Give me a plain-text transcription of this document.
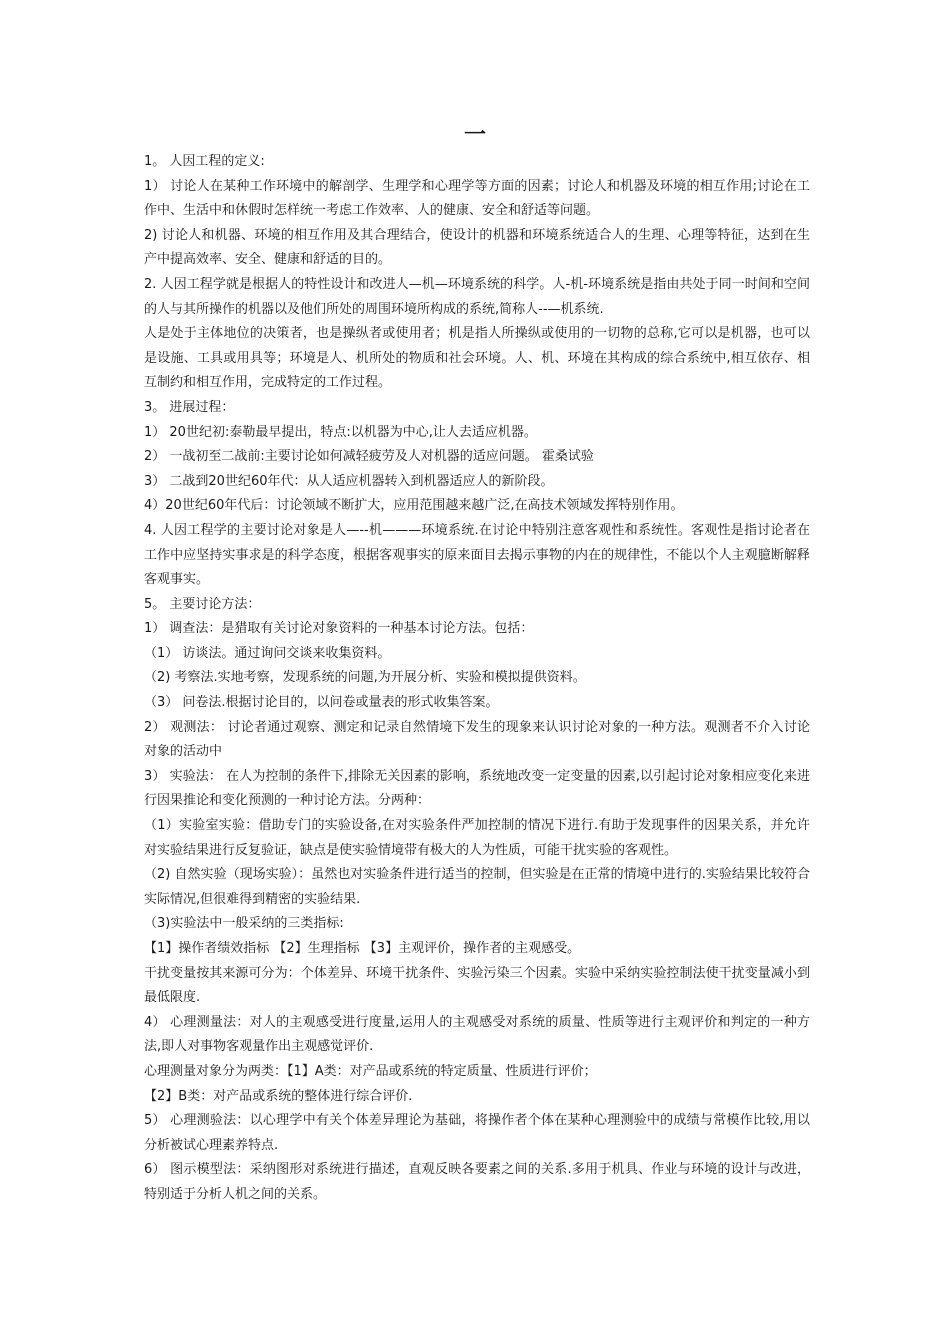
一

1。 人因工程的定义:

1） 讨论人在某种工作环境中的解剖学、生理学和心理学等方面的因素；讨论人和机器及环境的相互作用;讨论在工作中、生活中和休假时怎样统一考虑工作效率、人的健康、安全和舒适等问题。

2) 讨论人和机器、环境的相互作用及其合理结合，使设计的机器和环境系统适合人的生理、心理等特征，达到在生产中提高效率、安全、健康和舒适的目的。

2. 人因工程学就是根据人的特性设计和改进人—机—环境系统的科学。人-机-环境系统是指由共处于同一时间和空间的人与其所操作的机器以及他们所处的周围环境所构成的系统,简称人--—机系统.

人是处于主体地位的决策者，也是操纵者或使用者；机是指人所操纵或使用的一切物的总称,它可以是机器，也可以是设施、工具或用具等；环境是人、机所处的物质和社会环境。人、机、环境在其构成的综合系统中,相互依存、相互制约和相互作用，完成特定的工作过程。

3。 进展过程：

1） 20世纪初:泰勒最早提出，特点:以机器为中心,让人去适应机器。

2） 一战初至二战前:主要讨论如何减轻疲劳及人对机器的适应问题。 霍桑试验

3） 二战到20世纪60年代：从人适应机器转入到机器适应人的新阶段。

4）20世纪60年代后：讨论领域不断扩大，应用范围越来越广泛,在高技术领域发挥特别作用。

4. 人因工程学的主要讨论对象是人—--机———环境系统.在讨论中特别注意客观性和系统性。客观性是指讨论者在工作中应坚持实事求是的科学态度，根据客观事实的原来面目去揭示事物的内在的规律性，不能以个人主观臆断解释客观事实。

5。 主要讨论方法：

1） 调查法：是猎取有关讨论对象资料的一种基本讨论方法。包括：

（1） 访谈法。通过询问交谈来收集资料。

（2) 考察法.实地考察，发现系统的问题,为开展分析、实验和模拟提供资料。

（3） 问卷法.根据讨论目的，以问卷或量表的形式收集答案。

2） 观测法： 讨论者通过观察、测定和记录自然情境下发生的现象来认识讨论对象的一种方法。观测者不介入讨论对象的活动中

3） 实验法： 在人为控制的条件下,排除无关因素的影响，系统地改变一定变量的因素,以引起讨论对象相应变化来进行因果推论和变化预测的一种讨论方法。分两种：

（1）实验室实验：借助专门的实验设备,在对实验条件严加控制的情况下进行.有助于发现事件的因果关系，并允许对实验结果进行反复验证，缺点是使实验情境带有极大的人为性质，可能干扰实验的客观性。

（2) 自然实验（现场实验）：虽然也对实验条件进行适当的控制，但实验是在正常的情境中进行的.实验结果比较符合实际情况,但很难得到精密的实验结果.

（3)实验法中一般采纳的三类指标:

【1】操作者绩效指标 【2】生理指标 【3】主观评价，操作者的主观感受。

干扰变量按其来源可分为：个体差异、环境干扰条件、实验污染三个因素。实验中采纳实验控制法使干扰变量减小到最低限度.

4） 心理测量法：对人的主观感受进行度量,运用人的主观感受对系统的质量、性质等进行主观评价和判定的一种方法,即人对事物客观量作出主观感觉评价.

心理测量对象分为两类：【1】A类：对产品或系统的特定质量、性质进行评价；

【2】B类：对产品或系统的整体进行综合评价.

5） 心理测验法：以心理学中有关个体差异理论为基础，将操作者个体在某种心理测验中的成绩与常模作比较,用以分析被试心理素养特点.

6） 图示模型法：采纳图形对系统进行描述，直观反映各要素之间的关系.多用于机具、作业与环境的设计与改进，特别适于分析人机之间的关系。
